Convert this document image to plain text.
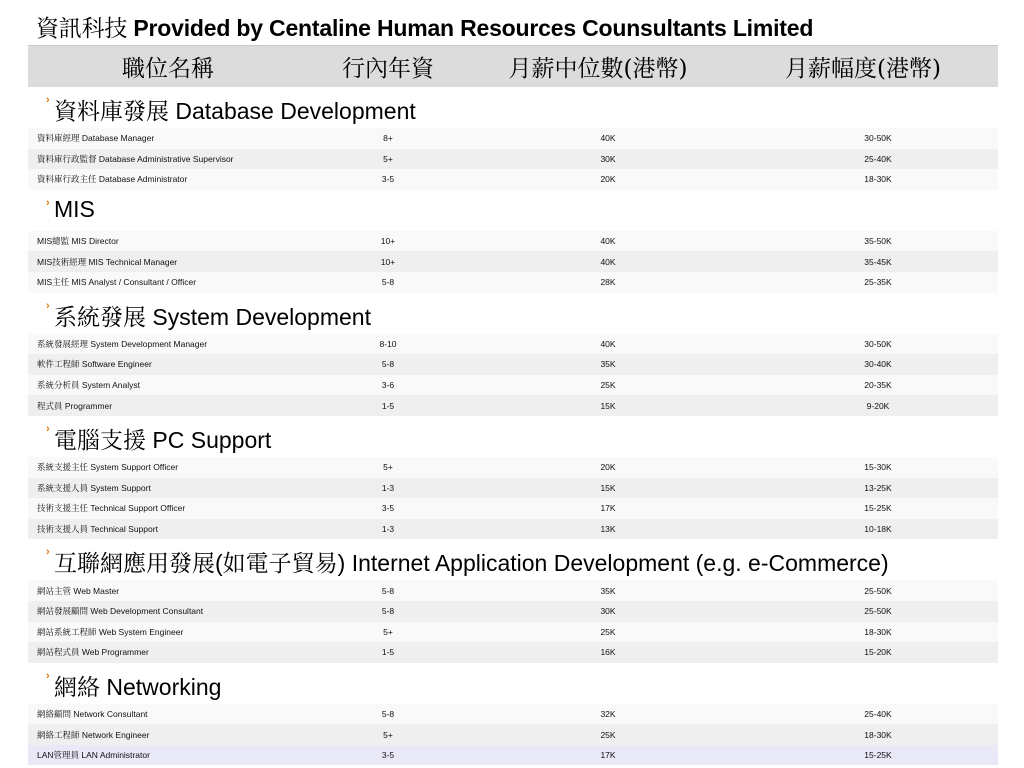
資訊科技 Provided by Centaline Human Resources Counsultants Limited
職位名稱	行內年資	月薪中位數(港幣)	月薪幅度(港幣)
› 資料庫發展 Database Development
資料庫經理 Database Manager	8+	40K	30-50K
資料庫行政監督 Database Administrative Supervisor	5+	30K	25-40K
資料庫行政主任 Database Administrator	3-5	20K	18-30K
› MIS
MIS總監 MIS Director	10+	40K	35-50K
MIS技術經理 MIS Technical Manager	10+	40K	35-45K
MIS主任 MIS Analyst / Consultant / Officer	5-8	28K	25-35K
› 系統發展 System Development
系統發展經理 System Development Manager	8-10	40K	30-50K
軟件工程師 Software Engineer	5-8	35K	30-40K
系統分析員 System Analyst	3-6	25K	20-35K
程式員 Programmer	1-5	15K	9-20K
› 電腦支援 PC Support
系統支援主任 System Support Officer	5+	20K	15-30K
系統支援人員 System Support	1-3	15K	13-25K
技術支援主任 Technical Support Officer	3-5	17K	15-25K
技術支援人員 Technical Support	1-3	13K	10-18K
› 互聯網應用發展(如電子貿易) Internet Application Development (e.g. e-Commerce)
網站主管 Web Master	5-8	35K	25-50K
網站發展顧問 Web Development Consultant	5-8	30K	25-50K
網站系統工程師 Web System Engineer	5+	25K	18-30K
網站程式員 Web Programmer	1-5	16K	15-20K
› 網絡 Networking
網絡顧問 Network Consultant	5-8	32K	25-40K
網絡工程師 Network Engineer	5+	25K	18-30K
LAN管理員 LAN Administrator	3-5	17K	15-25K
